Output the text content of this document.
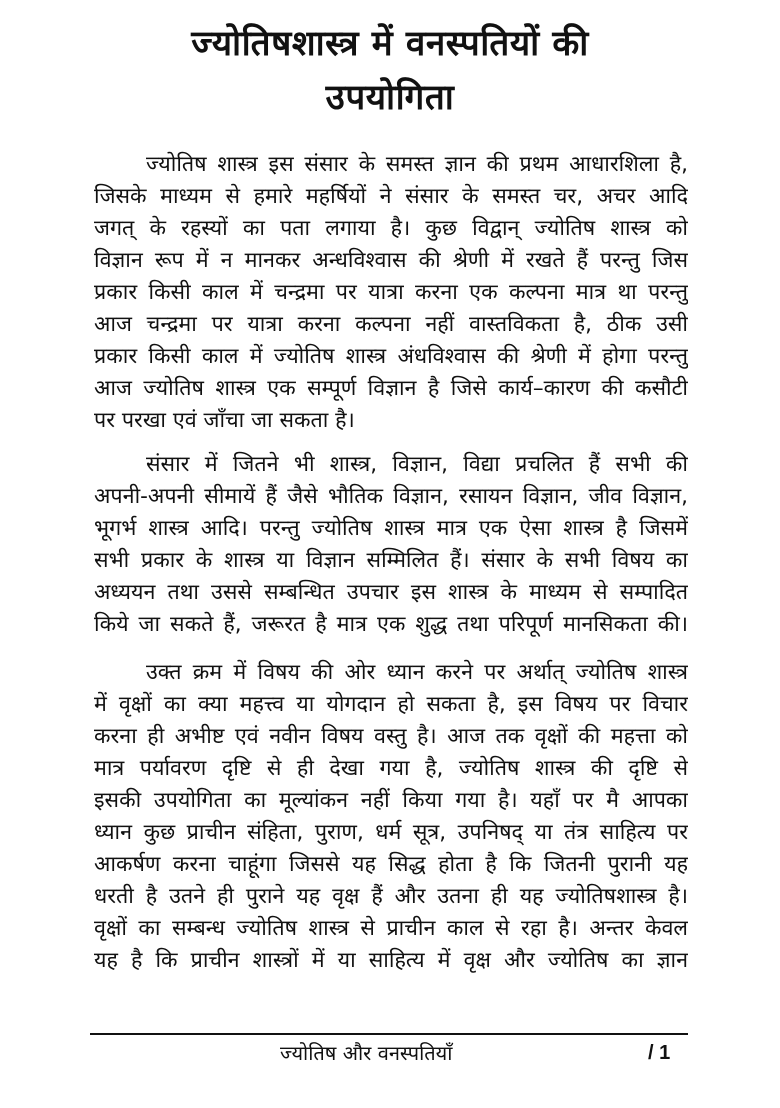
ज्योतिषशास्त्र में वनस्पतियों की
उपयोगिता
ज्योतिष शास्त्र इस संसार के समस्त ज्ञान की प्रथम आधारशिला है,
जिसके माध्यम से हमारे महर्षियों ने संसार के समस्त चर, अचर आदि
जगत् के रहस्यों का पता लगाया है। कुछ विद्वान् ज्योतिष शास्त्र को
विज्ञान रूप में न मानकर अन्धविश्वास की श्रेणी में रखते हैं परन्तु जिस
प्रकार किसी काल में चन्द्रमा पर यात्रा करना एक कल्पना मात्र था परन्तु
आज चन्द्रमा पर यात्रा करना कल्पना नहीं वास्तविकता है, ठीक उसी
प्रकार किसी काल में ज्योतिष शास्त्र अंधविश्वास की श्रेणी में होगा परन्तु
आज ज्योतिष शास्त्र एक सम्पूर्ण विज्ञान है जिसे कार्य–कारण की कसौटी
पर परखा एवं जाँचा जा सकता है।
संसार में जितने भी शास्त्र, विज्ञान, विद्या प्रचलित हैं सभी की
अपनी-अपनी सीमायें हैं जैसे भौतिक विज्ञान, रसायन विज्ञान, जीव विज्ञान,
भूगर्भ शास्त्र आदि। परन्तु ज्योतिष शास्त्र मात्र एक ऐसा शास्त्र है जिसमें
सभी प्रकार के शास्त्र या विज्ञान सम्मिलित हैं। संसार के सभी विषय का
अध्ययन तथा उससे सम्बन्धित उपचार इस शास्त्र के माध्यम से सम्पादित
किये जा सकते हैं, जरूरत है मात्र एक शुद्ध तथा परिपूर्ण मानसिकता की।
उक्त क्रम में विषय की ओर ध्यान करने पर अर्थात् ज्योतिष शास्त्र
में वृक्षों का क्या महत्त्व या योगदान हो सकता है, इस विषय पर विचार
करना ही अभीष्ट एवं नवीन विषय वस्तु है। आज तक वृक्षों की महत्ता को
मात्र पर्यावरण दृष्टि से ही देखा गया है, ज्योतिष शास्त्र की दृष्टि से
इसकी उपयोगिता का मूल्यांकन नहीं किया गया है। यहाँ पर मै आपका
ध्यान कुछ प्राचीन संहिता, पुराण, धर्म सूत्र, उपनिषद् या तंत्र साहित्य पर
आकर्षण करना चाहूंगा जिससे यह सिद्ध होता है कि जितनी पुरानी यह
धरती है उतने ही पुराने यह वृक्ष हैं और उतना ही यह ज्योतिषशास्त्र है।
वृक्षों का सम्बन्ध ज्योतिष शास्त्र से प्राचीन काल से रहा है। अन्तर केवल
यह है कि प्राचीन शास्त्रों में या साहित्य में वृक्ष और ज्योतिष का ज्ञान
ज्योतिष और वनस्पतियाँ	/ 1
